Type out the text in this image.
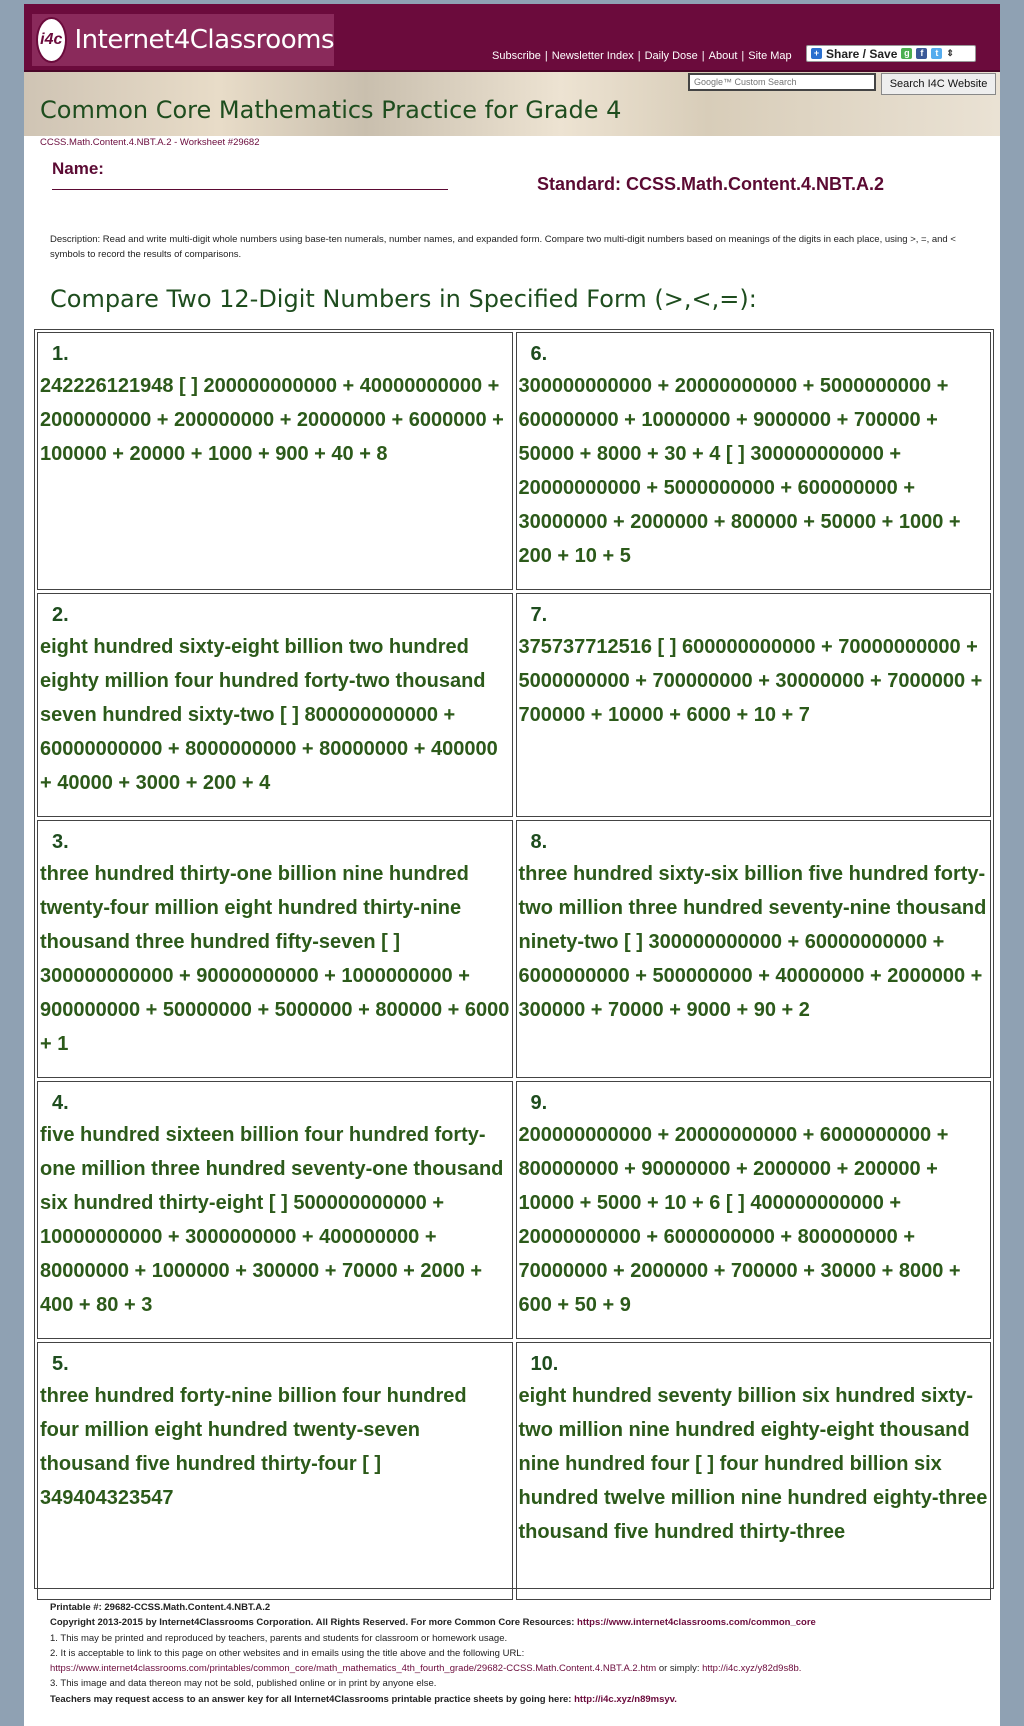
i4c Internet4Classrooms
Subscribe | Newsletter Index | Daily Dose | About | Site Map	+ Share / Save g	f	t ⇕
Common Core Mathematics Practice for Grade 4
Google™ Custom Search
Search I4C Website
CCSS.Math.Content.4.NBT.A.2 - Worksheet #29682
Name:
Standard: CCSS.Math.Content.4.NBT.A.2
Description: Read and write multi-digit whole numbers using base-ten numerals, number names, and expanded form. Compare two multi-digit numbers based on meanings of the digits in each place, using >, =, and < symbols to record the results of comparisons.
Compare Two 12-Digit Numbers in Specified Form (>,<,=):
1.
242226121948 [ ] 200000000000 + 40000000000 + 2000000000 + 200000000 + 20000000 + 6000000 + 100000 + 20000 + 1000 + 900 + 40 + 8
6.
300000000000 + 20000000000 + 5000000000 + 600000000 + 10000000 + 9000000 + 700000 + 50000 + 8000 + 30 + 4 [ ] 300000000000 + 20000000000 + 5000000000 + 600000000 + 30000000 + 2000000 + 800000 + 50000 + 1000 + 200 + 10 + 5
2.
eight hundred sixty-eight billion two hundred eighty million four hundred forty-two thousand seven hundred sixty-two [ ] 800000000000 + 60000000000 + 8000000000 + 80000000 + 400000 + 40000 + 3000 + 200 + 4
7.
375737712516 [ ] 600000000000 + 70000000000 + 5000000000 + 700000000 + 30000000 + 7000000 + 700000 + 10000 + 6000 + 10 + 7
3.
three hundred thirty-one billion nine hundred twenty-four million eight hundred thirty-nine thousand three hundred fifty-seven [ ] 300000000000 + 90000000000 + 1000000000 + 900000000 + 50000000 + 5000000 + 800000 + 6000 + 1
8.
three hundred sixty-six billion five hundred forty-two million three hundred seventy-nine thousand ninety-two [ ] 300000000000 + 60000000000 + 6000000000 + 500000000 + 40000000 + 2000000 + 300000 + 70000 + 9000 + 90 + 2
4.
five hundred sixteen billion four hundred forty-one million three hundred seventy-one thousand six hundred thirty-eight [ ] 500000000000 + 10000000000 + 3000000000 + 400000000 + 80000000 + 1000000 + 300000 + 70000 + 2000 + 400 + 80 + 3
9.
200000000000 + 20000000000 + 6000000000 + 800000000 + 90000000 + 2000000 + 200000 + 10000 + 5000 + 10 + 6 [ ] 400000000000 + 20000000000 + 6000000000 + 800000000 + 70000000 + 2000000 + 700000 + 30000 + 8000 + 600 + 50 + 9
5.
three hundred forty-nine billion four hundred four million eight hundred twenty-seven thousand five hundred thirty-four [ ] 349404323547
10.
eight hundred seventy billion six hundred sixty-two million nine hundred eighty-eight thousand nine hundred four [ ] four hundred billion six hundred twelve million nine hundred eighty-three thousand five hundred thirty-three
Printable #: 29682-CCSS.Math.Content.4.NBT.A.2
Copyright 2013-2015 by Internet4Classrooms Corporation. All Rights Reserved. For more Common Core Resources: https://www.internet4classrooms.com/common_core
1. This may be printed and reproduced by teachers, parents and students for classroom or homework usage.
2. It is acceptable to link to this page on other websites and in emails using the title above and the following URL:
https://www.internet4classrooms.com/printables/common_core/math_mathematics_4th_fourth_grade/29682-CCSS.Math.Content.4.NBT.A.2.htm or simply: http://i4c.xyz/y82d9s8b.
3. This image and data thereon may not be sold, published online or in print by anyone else.
Teachers may request access to an answer key for all Internet4Classrooms printable practice sheets by going here: http://i4c.xyz/n89msyv.
